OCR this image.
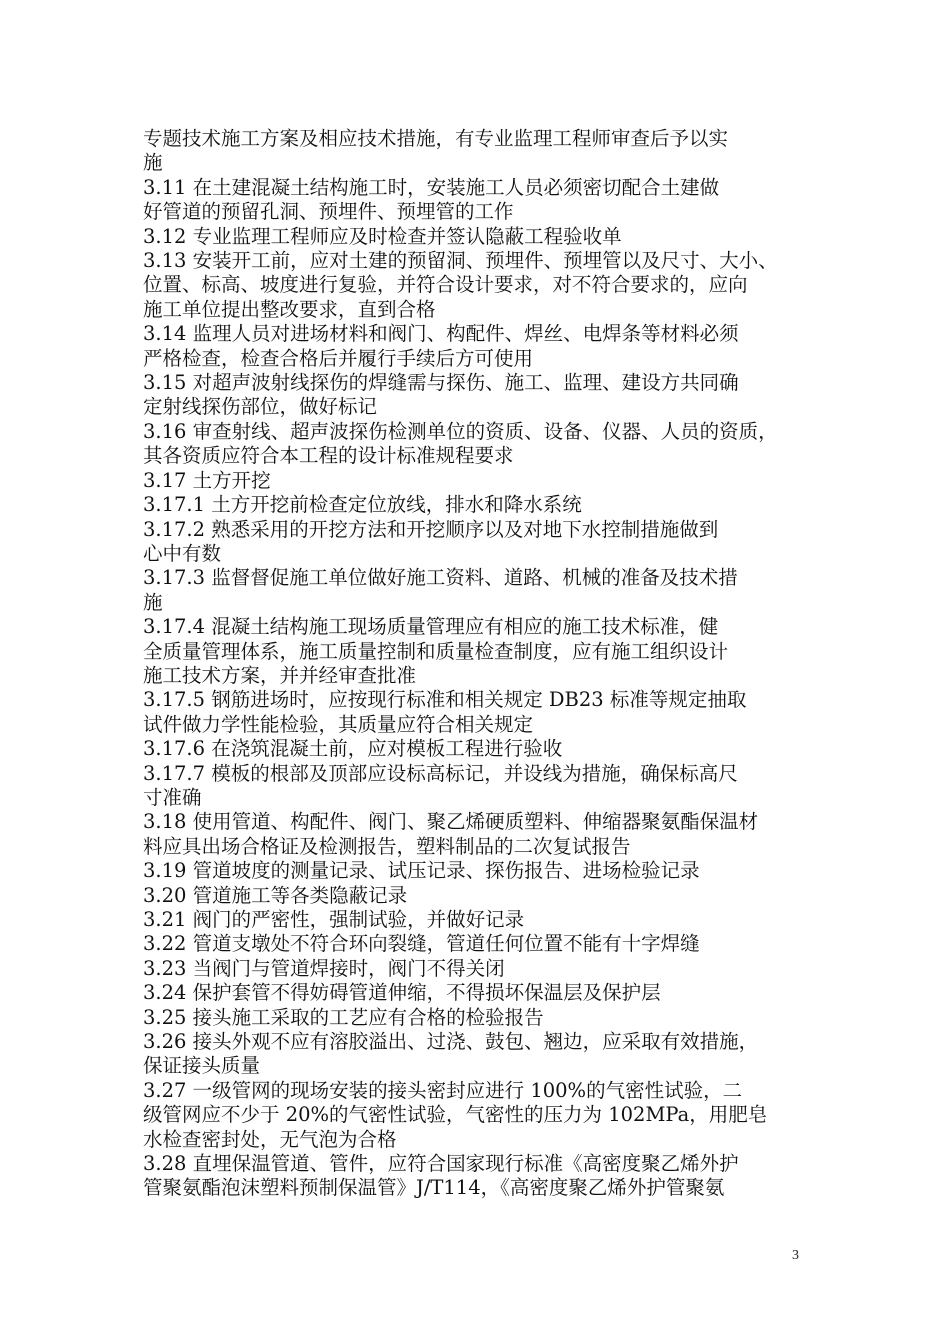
专题技术施工方案及相应技术措施，有专业监理工程师审查后予以实
施
3.11 在土建混凝土结构施工时，安装施工人员必须密切配合土建做
好管道的预留孔洞、预埋件、预埋管的工作
3.12 专业监理工程师应及时检查并签认隐蔽工程验收单
3.13 安装开工前，应对土建的预留洞、预埋件、预埋管以及尺寸、大小、
位置、标高、坡度进行复验，并符合设计要求，对不符合要求的，应向
施工单位提出整改要求，直到合格
3.14 监理人员对进场材料和阀门、构配件、焊丝、电焊条等材料必须
严格检查，检查合格后并履行手续后方可使用
3.15 对超声波射线探伤的焊缝需与探伤、施工、监理、建设方共同确
定射线探伤部位，做好标记
3.16 审查射线、超声波探伤检测单位的资质、设备、仪器、人员的资质，
其各资质应符合本工程的设计标准规程要求
3.17 土方开挖
3.17.1 土方开挖前检查定位放线，排水和降水系统
3.17.2 熟悉采用的开挖方法和开挖顺序以及对地下水控制措施做到
心中有数
3.17.3 监督督促施工单位做好施工资料、道路、机械的准备及技术措
施
3.17.4 混凝土结构施工现场质量管理应有相应的施工技术标准，健
全质量管理体系，施工质量控制和质量检查制度，应有施工组织设计
施工技术方案，并并经审查批准
3.17.5 钢筋进场时，应按现行标准和相关规定 DB23 标准等规定抽取
试件做力学性能检验，其质量应符合相关规定
3.17.6 在浇筑混凝土前，应对模板工程进行验收
3.17.7 模板的根部及顶部应设标高标记，并设线为措施，确保标高尺
寸准确
3.18 使用管道、构配件、阀门、聚乙烯硬质塑料、伸缩器聚氨酯保温材
料应具出场合格证及检测报告，塑料制品的二次复试报告
3.19 管道坡度的测量记录、试压记录、探伤报告、进场检验记录
3.20 管道施工等各类隐蔽记录
3.21 阀门的严密性，强制试验，并做好记录
3.22 管道支墩处不符合环向裂缝，管道任何位置不能有十字焊缝
3.23 当阀门与管道焊接时，阀门不得关闭
3.24 保护套管不得妨碍管道伸缩，不得损坏保温层及保护层
3.25 接头施工采取的工艺应有合格的检验报告
3.26 接头外观不应有溶胶溢出、过浇、鼓包、翘边，应采取有效措施，
保证接头质量
3.27 一级管网的现场安装的接头密封应进行 100%的气密性试验，二
级管网应不少于 20%的气密性试验，气密性的压力为 102MPa，用肥皂
水检查密封处，无气泡为合格
3.28 直埋保温管道、管件，应符合国家现行标准《高密度聚乙烯外护
管聚氨酯泡沫塑料预制保温管》J/T114，《高密度聚乙烯外护管聚氨
3
